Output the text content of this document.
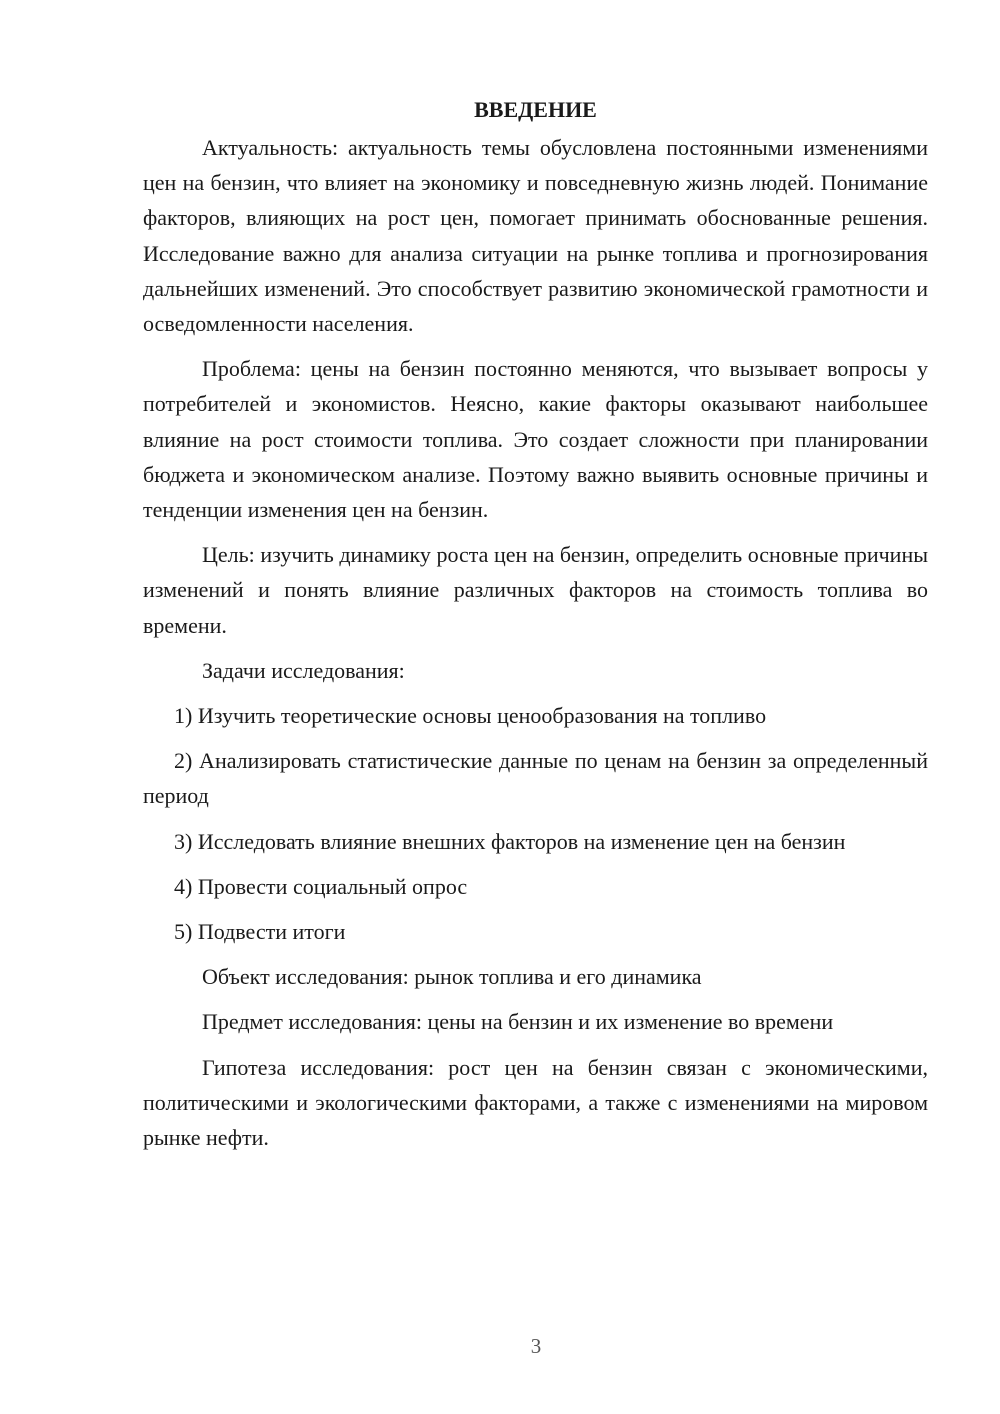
ВВЕДЕНИЕ

Актуальность: актуальность темы обусловлена постоянными изменениями цен на бензин, что влияет на экономику и повседневную жизнь людей. Понимание факторов, влияющих на рост цен, помогает принимать обоснованные решения. Исследование важно для анализа ситуации на рынке топлива и прогнозирования дальнейших изменений. Это способствует развитию экономической грамотности и осведомленности населения.

Проблема: цены на бензин постоянно меняются, что вызывает вопросы у потребителей и экономистов. Неясно, какие факторы оказывают наибольшее влияние на рост стоимости топлива. Это создает сложности при планировании бюджета и экономическом анализе. Поэтому важно выявить основные причины и тенденции изменения цен на бензин.

Цель: изучить динамику роста цен на бензин, определить основные причины изменений и понять влияние различных факторов на стоимость топлива во времени.

Задачи исследования:

1) Изучить теоретические основы ценообразования на топливо

2) Анализировать статистические данные по ценам на бензин за определенный период

3) Исследовать влияние внешних факторов на изменение цен на бензин

4) Провести социальный опрос

5) Подвести итоги

Объект исследования: рынок топлива и его динамика

Предмет исследования: цены на бензин и их изменение во времени

Гипотеза исследования: рост цен на бензин связан с экономическими, политическими и экологическими факторами, а также с изменениями на мировом рынке нефти.

3
